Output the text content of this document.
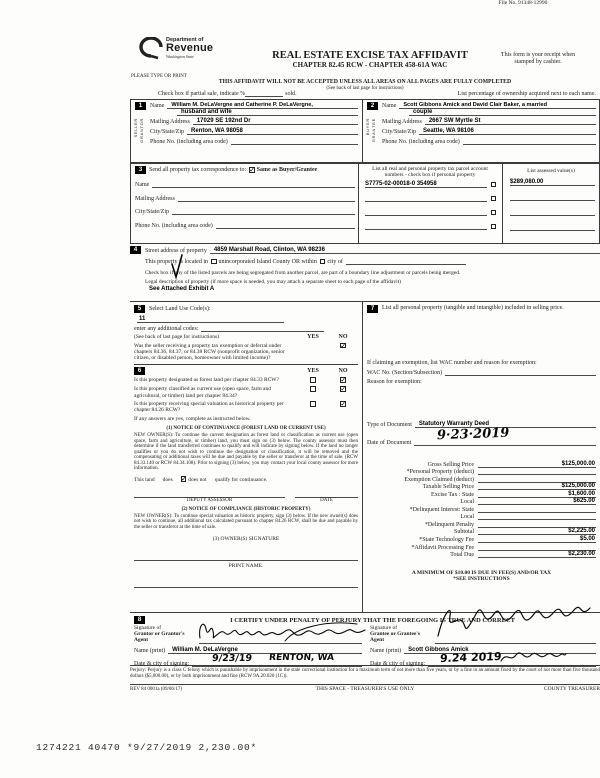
File No. 91348-12990
Department of
Revenue
Washington State
PLEASE TYPE OR PRINT
REAL ESTATE EXCISE TAX AFFIDAVIT
CHAPTER 82.45 RCW - CHAPTER 458-61A WAC
This form is your receipt when stamped by cashier.
THIS AFFIDAVIT WILL NOT BE ACCEPTED UNLESS ALL AREAS ON ALL PAGES ARE FULLY COMPLETED
(See back of last page for instructions)
Check box if partial sale, indicate %	sold.	List percentage of ownership acquired next to each name.
1
SELLER GRANTOR
Name	William M. DeLaVergne and Catherine P. DeLaVergne,
husband and wife
Mailing Address	17029 SE 192nd Dr
City/State/Zip	Renton, WA 98058
Phone No. (including area code)
2
BUYER GRANTEE
Name	Scott Gibbons Amick and David Clair Baker, a married
couple
Mailing Address	2667 SW Myrtle St
City/State/Zip	Seattle, WA 98106
Phone No. (including area code)
3	Send all property tax correspondence to: ✓ Same as Buyer/Grantee
Name
Mailing Address
City/State/Zip
Phone No. (including area code)
List all real and personal property tax parcel account
numbers - check box if personal property
S7775-02-00018-0 354958
List assessed value(s)
$289,080.00
4	Street address of property	4859 Marshall Road, Clinton, WA 98236
This property is located in unincorporated Island County OR within city of
Check box if any of the listed parcels are being segregated from another parcel, are part of a boundary line adjustment or parcels being merged.
Legal description of property (if more space is needed, you may attach a separate sheet to each page of the affidavit)
See Attached Exhibit A
5	Select Land Use Code(s):
11
enter any additional codes:
(See back of last page for instructions)	YES	NO
Was the seller receiving a property tax exemption or deferral under chapters 84.36, 84.37, or 84.38 RCW (nonprofit organization, senior citizen, or disabled person, homeowner with limited income)?
✓
6	YES	NO
Is this property designated as forest land per chapter 84.33 RCW?	✓
Is this property classified as current use (open space, farm and agricultural, or timber) land per chapter 84.34?
✓
Is this property receiving special valuation as historical property per chapter 84.26 RCW?
✓
If any answers are yes, complete as instructed below.
(1) NOTICE OF CONTINUANCE (FOREST LAND OR CURRENT USE)
NEW OWNER(S): To continue the current designation as forest land or classification as current use (open space, farm and agriculture, or timber) land, you must sign on (3) below. The county assessor must then determine if the land transferred continues to qualify and will indicate by signing below. If the land no longer qualifies or you do not wish to continue the designation or classification, it will be removed and the compensating or additional taxes will be due and payable by the seller or transferor at the time of sale. (RCW 84.33.140 or RCW 84.34.108). Prior to signing (3) below, you may contact your local county assessor for more information.
This land does ✓ does not qualify for continuance.
DEPUTY ASSESSOR	DATE
(2) NOTICE OF COMPLIANCE (HISTORIC PROPERTY)
NEW OWNER(S): To continue special valuation as historic property, sign (3) below. If the new owner(s) does not wish to continue, all additional tax calculated pursuant to chapter 84.26 RCW, shall be due and payable by the seller or transferor at the time of sale.
(3) OWNER(S) SIGNATURE
PRINT NAME.
7	List all personal property (tangible and intangible) included in selling price.
If claiming an exemption, list WAC number and reason for exemption:
WAC No. (Section/Subsection)
Reason for exemption:
Type of Document	Statutory Warranty Deed
Date of Document 9·23·2019
Gross Selling Price	$125,000.00
*Personal Property (deduct)
Exemption Claimed (deduct)
Taxable Selling Price	$125,000.00
Excise Tax : State	$1,600.00
Local	$625.00
*Delinquent Interest: State
Local
*Delinquent Penalty
Subtotal	$2,225.00
*State Technology Fee	$5.00
*Affidavit Processing Fee
Total Due	$2,230.00
A MINIMUM OF $10.00 IS DUE IN FEE(S) AND/OR TAX
*SEE INSTRUCTIONS
8	I CERTIFY UNDER PENALTY OF PERJURY THAT THE FOREGOING IS TRUE AND CORRECT
Signature of
Grantor or Grantor's Agent
Name (print)	William M. DeLaVergne
Date & city of signing: 9/23/19 RENTON, WA
Signature of
Grantee or Grantee's Agent
Name (print)	Scott Gibbons Amick
Date & city of signing: 9.24 2019
Perjury: Perjury is a class C felony which is punishable by imprisonment in the state correctional institution for a maximum term of not more than five years, or by a fine in an amount fixed by the court of not more than five thousand dollars ($5,000.00), or by both imprisonment and fine (RCW 9A.20.020 (1C)).
REV 84 0001a (09/06/17)	THIS SPACE - TREASURER'S USE ONLY	COUNTY TREASURER
1274221 40470 *9/27/2019 2,230.00*
